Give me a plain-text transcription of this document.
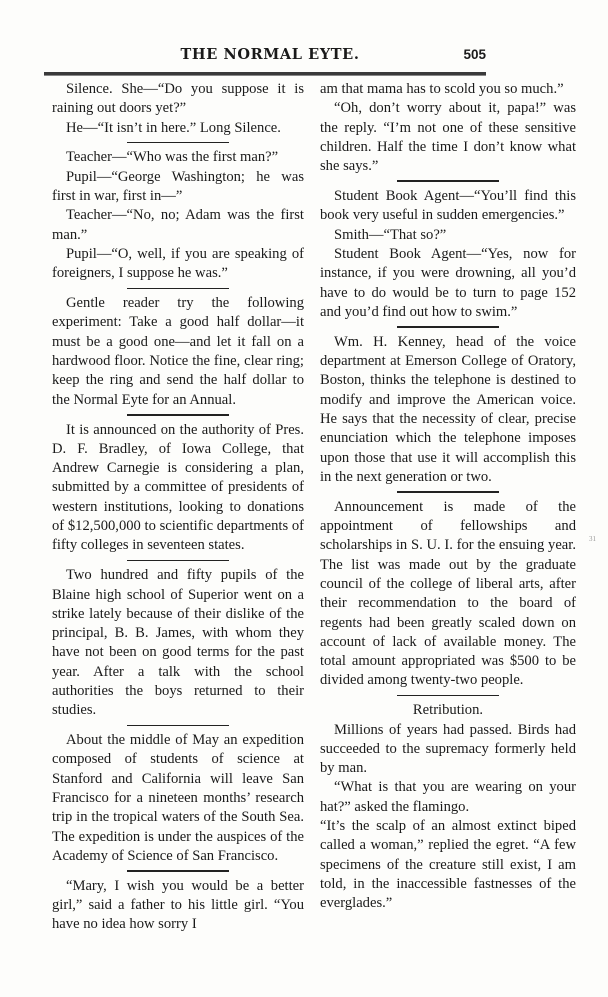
THE NORMAL EYTE.	505

Silence. She—“Do you suppose it is raining out doors yet?”

He—“It isn’t in here.” Long Silence.

Teacher—“Who was the first man?”

Pupil—“George Washington; he was first in war, first in—”

Teacher—“No, no; Adam was the first man.”

Pupil—“O, well, if you are speaking of foreigners, I suppose he was.”

Gentle reader try the following experiment: Take a good half dollar—it must be a good one—and let it fall on a hardwood floor. Notice the fine, clear ring; keep the ring and send the half dollar to the Normal Eyte for an Annual.

It is announced on the authority of Pres. D. F. Bradley, of Iowa College, that Andrew Carnegie is considering a plan, submitted by a committee of presidents of western institutions, looking to donations of $12,500,000 to scientific departments of fifty colleges in seventeen states.

Two hundred and fifty pupils of the Blaine high school of Superior went on a strike lately because of their dislike of the principal, B. B. James, with whom they have not been on good terms for the past year. After a talk with the school authorities the boys returned to their studies.

About the middle of May an expedition composed of students of science at Stanford and California will leave San Francisco for a nineteen months’ research trip in the tropical waters of the South Sea. The expedition is under the auspices of the Academy of Science of San Francisco.

“Mary, I wish you would be a better girl,” said a father to his little girl. “You have no idea how sorry I

am that mama has to scold you so much.”

“Oh, don’t worry about it, papa!” was the reply. “I’m not one of these sensitive children. Half the time I don’t know what she says.”

Student Book Agent—“You’ll find this book very useful in sudden emergencies.”

Smith—“That so?”

Student Book Agent—“Yes, now for instance, if you were drowning, all you’d have to do would be to turn to page 152 and you’d find out how to swim.”

Wm. H. Kenney, head of the voice department at Emerson College of Oratory, Boston, thinks the telephone is destined to modify and improve the American voice. He says that the necessity of clear, precise enunciation which the telephone imposes upon those that use it will accomplish this in the next generation or two.

Announcement is made of the appointment of fellowships and scholarships in S. U. I. for the ensuing year. The list was made out by the graduate council of the college of liberal arts, after their recommendation to the board of regents had been greatly scaled down on account of lack of available money. The total amount appropriated was $500 to be divided among twenty-two people.

Retribution.

Millions of years had passed. Birds had succeeded to the supremacy formerly held by man.

“What is that you are wearing on your hat?” asked the flamingo.

“It’s the scalp of an almost extinct biped called a woman,” replied the egret. “A few specimens of the creature still exist, I am told, in the inaccessible fastnesses of the everglades.”

31
